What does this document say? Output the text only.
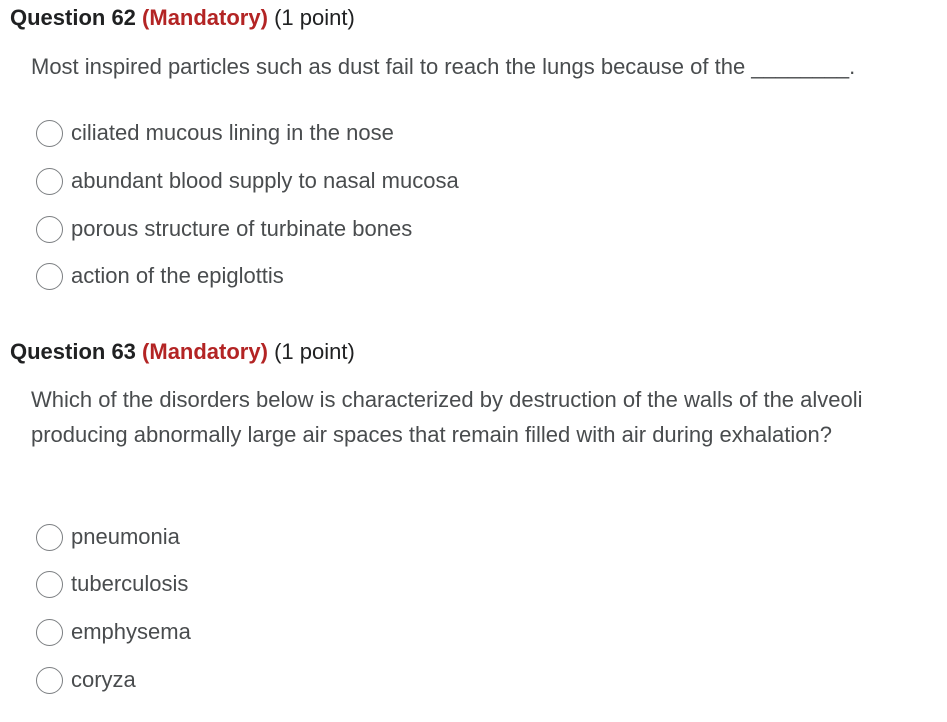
Question 62 (Mandatory) (1 point)
Most inspired particles such as dust fail to reach the lungs because of the ________.
ciliated mucous lining in the nose
abundant blood supply to nasal mucosa
porous structure of turbinate bones
action of the epiglottis
Question 63 (Mandatory) (1 point)
Which of the disorders below is characterized by destruction of the walls of the alveoli producing abnormally large air spaces that remain filled with air during exhalation?
pneumonia
tuberculosis
emphysema
coryza
